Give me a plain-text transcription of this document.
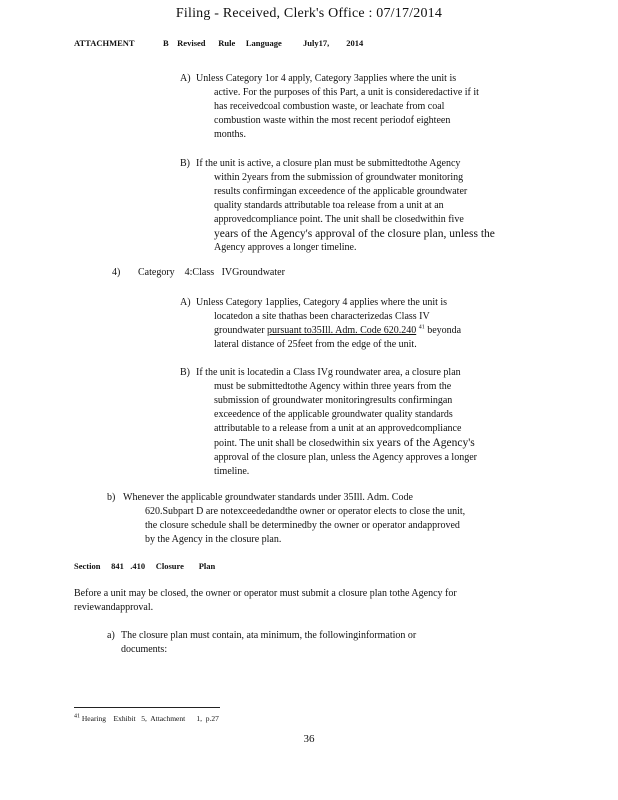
Filing - Received, Clerk's Office : 07/17/2014
ATTACHMENT	B    Revised      Rule     Language July17,        2014
A) Unless Category 1or 4 apply, Category 3applies where the unit is
active. For the purposes of this Part, a unit is consideredactive if it
has receivedcoal combustion waste, or leachate from coal
combustion waste within the most recent periodof eighteen
months.
B) If the unit is active, a closure plan must be submittedtothe Agency
within 2years from the submission of groundwater monitoring
results confirmingan exceedence of the applicable groundwater
quality standards attributable toa release from a unit at an
approvedcompliance point. The unit shall be closedwithin five
years of the Agency's approval of the closure plan, unless the
Agency approves a longer timeline.
4) Category    4:Class   IVGroundwater
A) Unless Category 1applies, Category 4 applies where the unit is
locatedon a site thathas been characterizedas Class IV
groundwater pursuant to35Ill. Adm. Code 620.240 $^{41}$ beyonda
lateral distance of 25feet from the edge of the unit.
B) If the unit is locatedin a Class IVg roundwater area, a closure plan
must be submittedtothe Agency within three years from the
submission of groundwater monitoringresults confirmingan
exceedence of the applicable groundwater quality standards
attributable to a release from a unit at an approvedcompliance
point. The unit shall be closedwithin six years of the Agency's
approval of the closure plan, unless the Agency approves a longer
timeline.
b) Whenever the applicable groundwater standards under 35Ill. Adm. Code
620.Subpart D are notexceededandthe owner or operator elects to close the unit,
the closure schedule shall be determinedby the owner or operator andapproved
by the Agency in the closure plan.
Section     841   .410     Closure       Plan
Before a unit may be closed, the owner or operator must submit a closure plan tothe Agency for
reviewandapproval.
a) The closure plan must contain, ata minimum, the followinginformation or
documents:
$^{41}$ Hearing    Exhibit   5,  Attachment      1,  p.27
36
